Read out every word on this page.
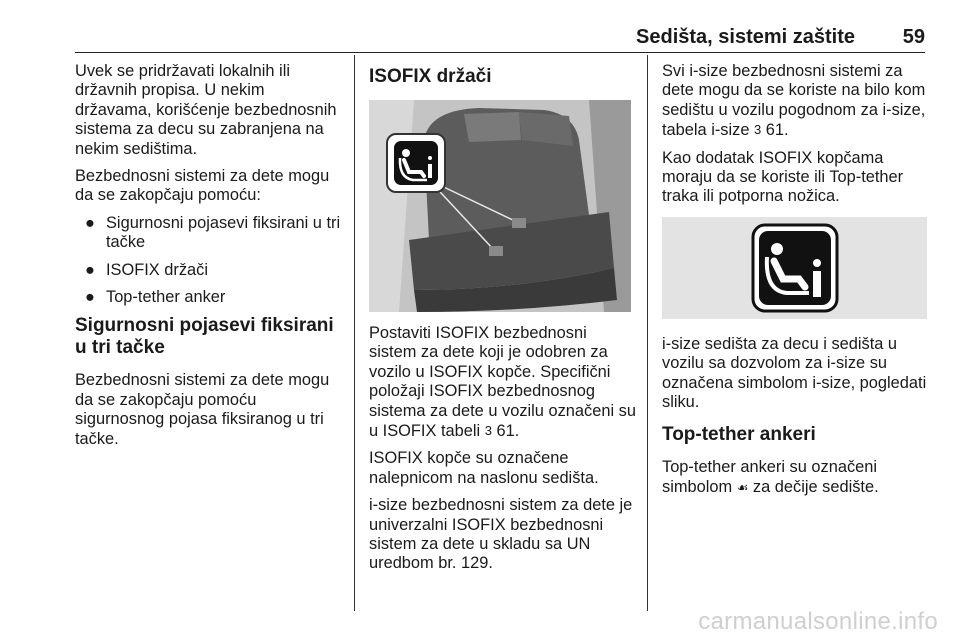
Sedišta, sistemi zaštite 59

Uvek se pridržavati lokalnih ili državnih propisa. U nekim državama, korišćenje bezbednosnih sistema za decu su zabranjena na nekim sedištima.

Bezbednosni sistemi za dete mogu da se zakopčaju pomoću:

● Sigurnosni pojasevi fiksirani u tri tačke
● ISOFIX držači
● Top-tether anker
Sigurnosni pojasevi fiksirani u tri tačke

Bezbednosni sistemi za dete mogu da se zakopčaju pomoću sigurnosnog pojasa fiksiranog u tri tačke.

ISOFIX držači

Postaviti ISOFIX bezbednosni sistem za dete koji je odobren za vozilo u ISOFIX kopče. Specifični položaji ISOFIX bezbednosnog sistema za dete u vozilu označeni su u ISOFIX tabeli 3 61.

ISOFIX kopče su označene nalepnicom na naslonu sedišta.

i-size bezbednosni sistem za dete je univerzalni ISOFIX bezbednosni sistem za dete u skladu sa UN uredbom br. 129.

Svi i-size bezbednosni sistemi za dete mogu da se koriste na bilo kom sedištu u vozilu pogodnom za i-size, tabela i-size 3 61.

Kao dodatak ISOFIX kopčama moraju da se koriste ili Top-tether traka ili potporna nožica.

i-size sedišta za decu i sedišta u vozilu sa dozvolom za i-size su označena simbolom i-size, pogledati sliku.

Top-tether ankeri

Top-tether ankeri su označeni simbolom ☙ za dečije sedište.

carmanualsonline.info
